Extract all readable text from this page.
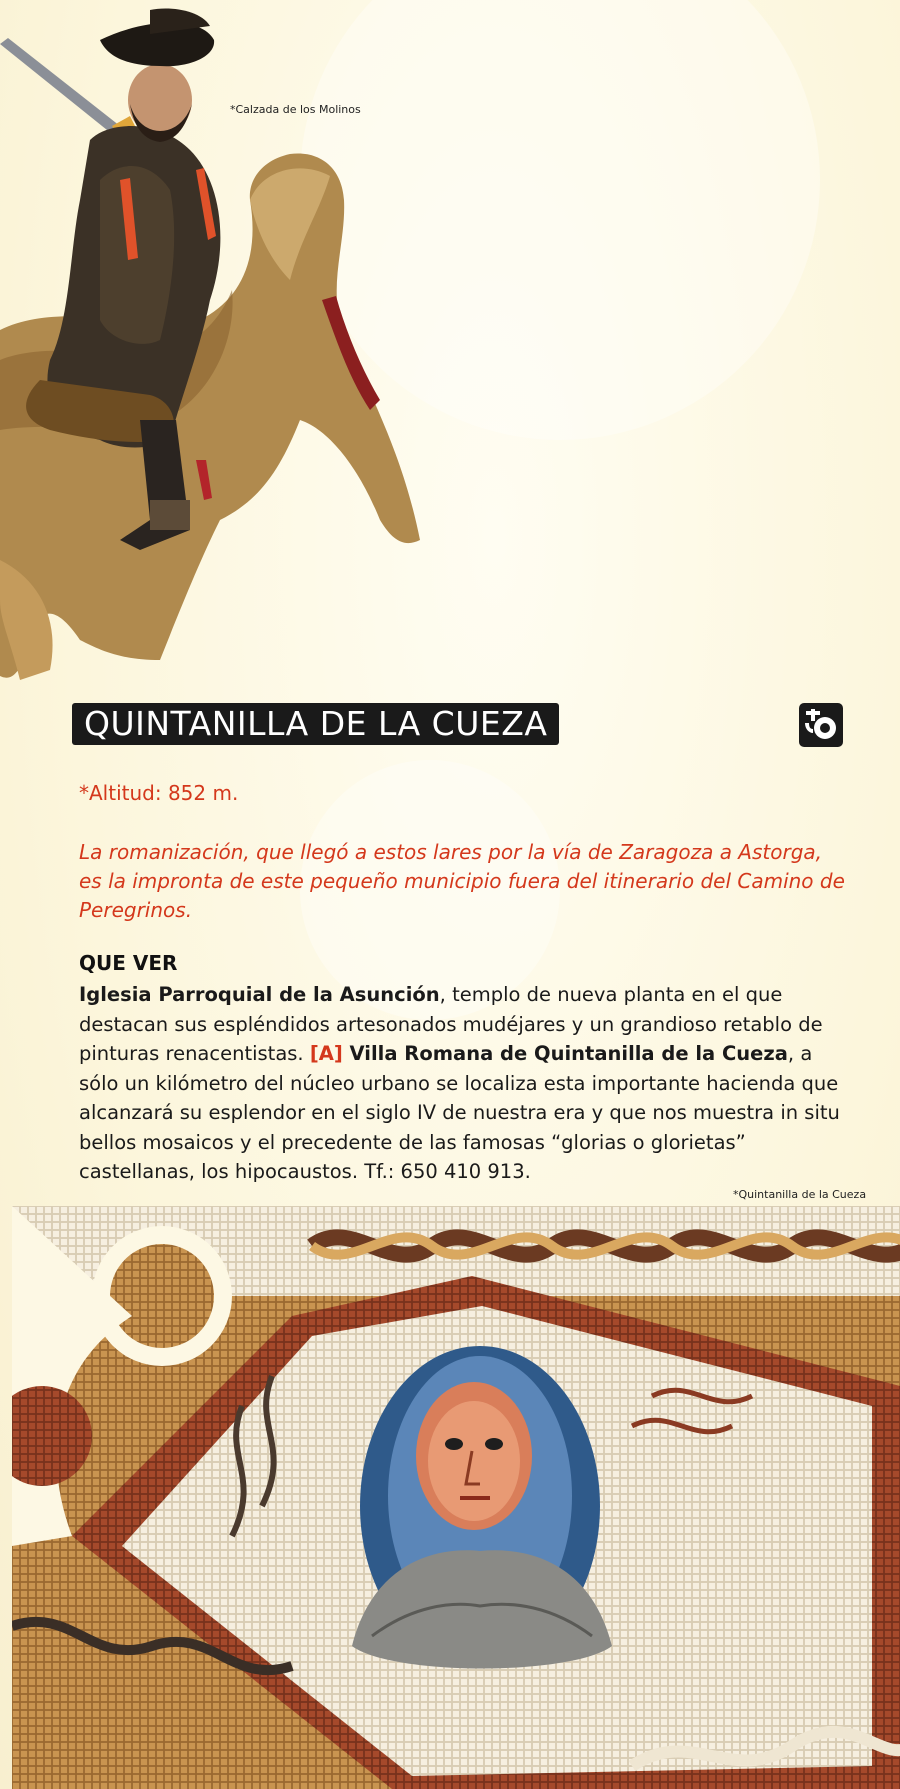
*Calzada de los Molinos
QUINTANILLA DE LA CUEZA
*Altitud: 852 m.
La romanización, que llegó a estos lares por la vía de Zaragoza a Astorga, es la impronta de este pequeño municipio fuera del itinerario del Camino de Peregrinos.
QUE VER
Iglesia Parroquial de la Asunción, templo de nueva planta en el que destacan sus espléndidos artesonados mudéjares y un grandioso retablo de pinturas renacentistas. [A] Villa Romana de Quintanilla de la Cueza, a sólo un kilómetro del núcleo urbano se localiza esta importante hacienda que alcanzará su esplendor en el siglo IV de nuestra era y que nos muestra in situ bellos mosaicos y el precedente de las famosas “glorias o glorietas” castellanas, los hipocaustos. Tf.: 650 410 913.
*Quintanilla de la Cueza
